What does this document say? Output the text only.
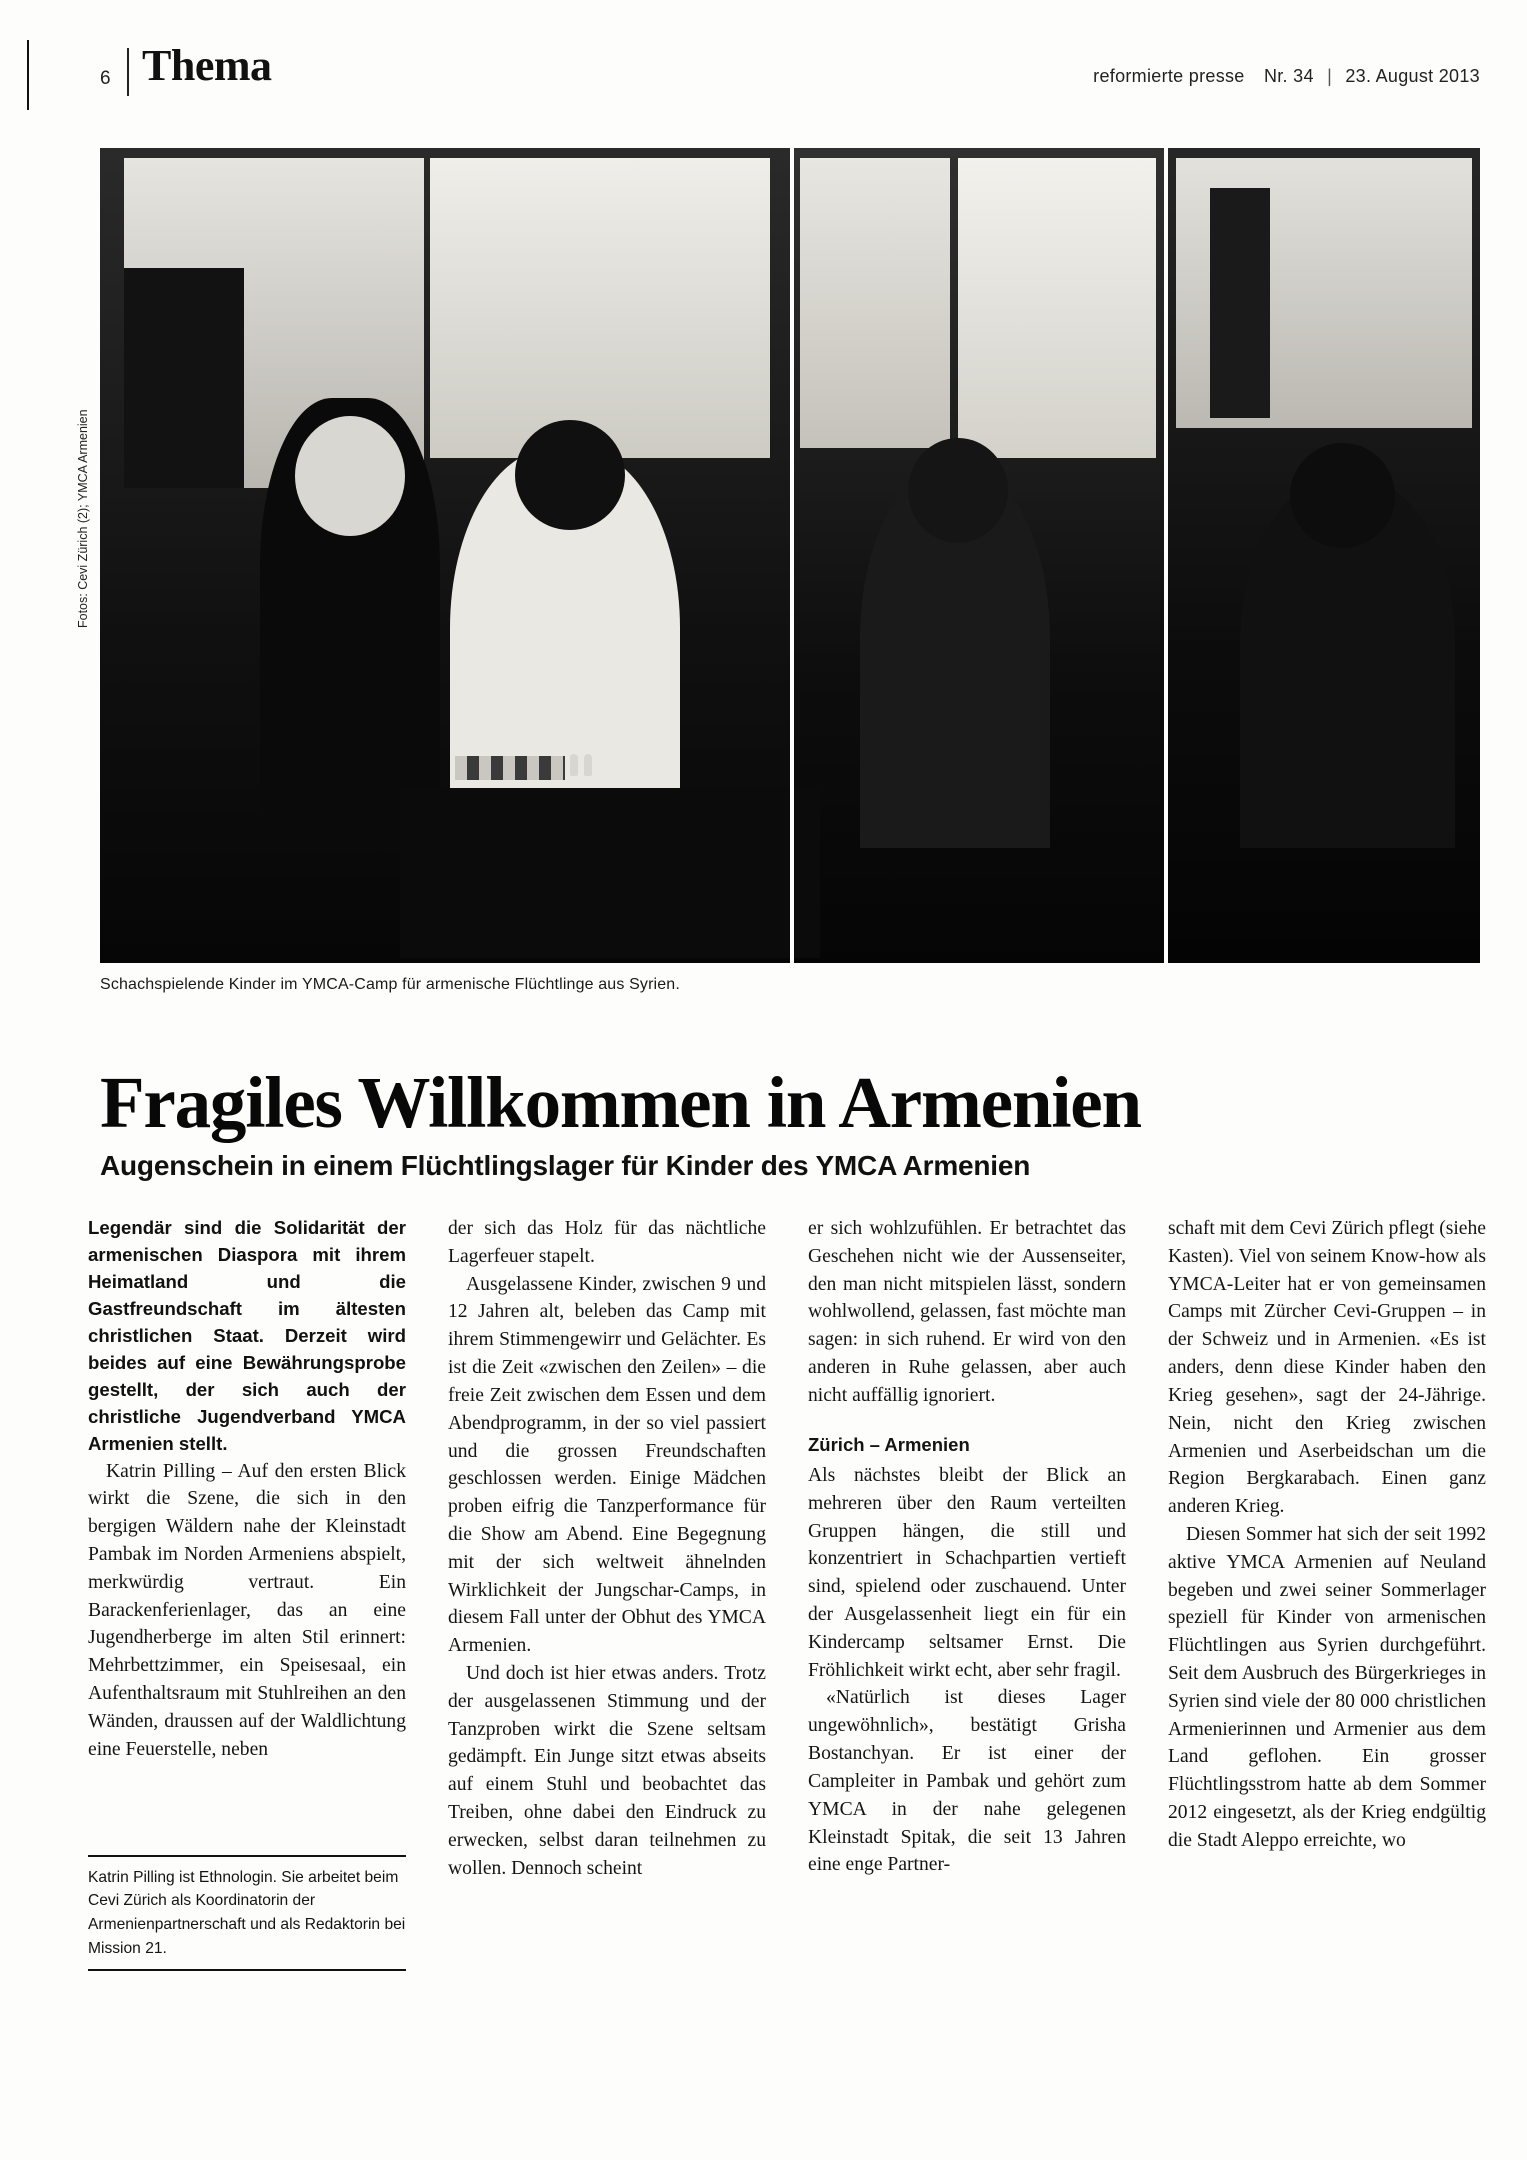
6 Thema	reformierte presse Nr. 34 | 23. August 2013
Fotos: Cevi Zürich (2); YMCA Armenien
Schachspielende Kinder im YMCA-Camp für armenische Flüchtlinge aus Syrien.
Fragiles Willkommen in Armenien
Augenschein in einem Flüchtlingslager für Kinder des YMCA Armenien

Legendär sind die Solidarität der armenischen Diaspora mit ihrem Heimatland und die Gastfreundschaft im ältesten christlichen Staat. Derzeit wird beides auf eine Bewährungsprobe gestellt, der sich auch der christliche Jugendverband YMCA Armenien stellt.

Katrin Pilling – Auf den ersten Blick wirkt die Szene, die sich in den bergigen Wäldern nahe der Kleinstadt Pambak im Norden Armeniens abspielt, merkwürdig vertraut. Ein Barackenferienlager, das an eine Jugendherberge im alten Stil erinnert: Mehrbettzimmer, ein Speisesaal, ein Aufenthaltsraum mit Stuhlreihen an den Wänden, draussen auf der Waldlichtung eine Feuerstelle, neben

Katrin Pilling ist Ethnologin. Sie arbeitet beim Cevi Zürich als Koordinatorin der Armenienpartnerschaft und als Redaktorin bei Mission 21.

der sich das Holz für das nächtliche Lagerfeuer stapelt.

Ausgelassene Kinder, zwischen 9 und 12 Jahren alt, beleben das Camp mit ihrem Stimmengewirr und Gelächter. Es ist die Zeit «zwischen den Zeilen» – die freie Zeit zwischen dem Essen und dem Abendprogramm, in der so viel passiert und die grossen Freundschaften geschlossen werden. Einige Mädchen proben eifrig die Tanzperformance für die Show am Abend. Eine Begegnung mit der sich weltweit ähnelnden Wirklichkeit der Jungschar-Camps, in diesem Fall unter der Obhut des YMCA Armenien.

Und doch ist hier etwas anders. Trotz der ausgelassenen Stimmung und der Tanzproben wirkt die Szene seltsam gedämpft. Ein Junge sitzt etwas abseits auf einem Stuhl und beobachtet das Treiben, ohne dabei den Eindruck zu erwecken, selbst daran teilnehmen zu wollen. Dennoch scheint

er sich wohlzufühlen. Er betrachtet das Geschehen nicht wie der Aussenseiter, den man nicht mitspielen lässt, sondern wohlwollend, gelassen, fast möchte man sagen: in sich ruhend. Er wird von den anderen in Ruhe gelassen, aber auch nicht auffällig ignoriert.

Zürich – Armenien

Als nächstes bleibt der Blick an mehreren über den Raum verteilten Gruppen hängen, die still und konzentriert in Schachpartien vertieft sind, spielend oder zuschauend. Unter der Ausgelassenheit liegt ein für ein Kindercamp seltsamer Ernst. Die Fröhlichkeit wirkt echt, aber sehr fragil.

«Natürlich ist dieses Lager ungewöhnlich», bestätigt Grisha Bostanchyan. Er ist einer der Campleiter in Pambak und gehört zum YMCA in der nahe gelegenen Kleinstadt Spitak, die seit 13 Jahren eine enge Partner-

schaft mit dem Cevi Zürich pflegt (siehe Kasten). Viel von seinem Know-how als YMCA-Leiter hat er von gemeinsamen Camps mit Zürcher Cevi-Gruppen – in der Schweiz und in Armenien. «Es ist anders, denn diese Kinder haben den Krieg gesehen», sagt der 24-Jährige. Nein, nicht den Krieg zwischen Armenien und Aserbeidschan um die Region Bergkarabach. Einen ganz anderen Krieg.

Diesen Sommer hat sich der seit 1992 aktive YMCA Armenien auf Neuland begeben und zwei seiner Sommerlager speziell für Kinder von armenischen Flüchtlingen aus Syrien durchgeführt. Seit dem Ausbruch des Bürgerkrieges in Syrien sind viele der 80 000 christlichen Armenierinnen und Armenier aus dem Land geflohen. Ein grosser Flüchtlingsstrom hatte ab dem Sommer 2012 eingesetzt, als der Krieg endgültig die Stadt Aleppo erreichte, wo
